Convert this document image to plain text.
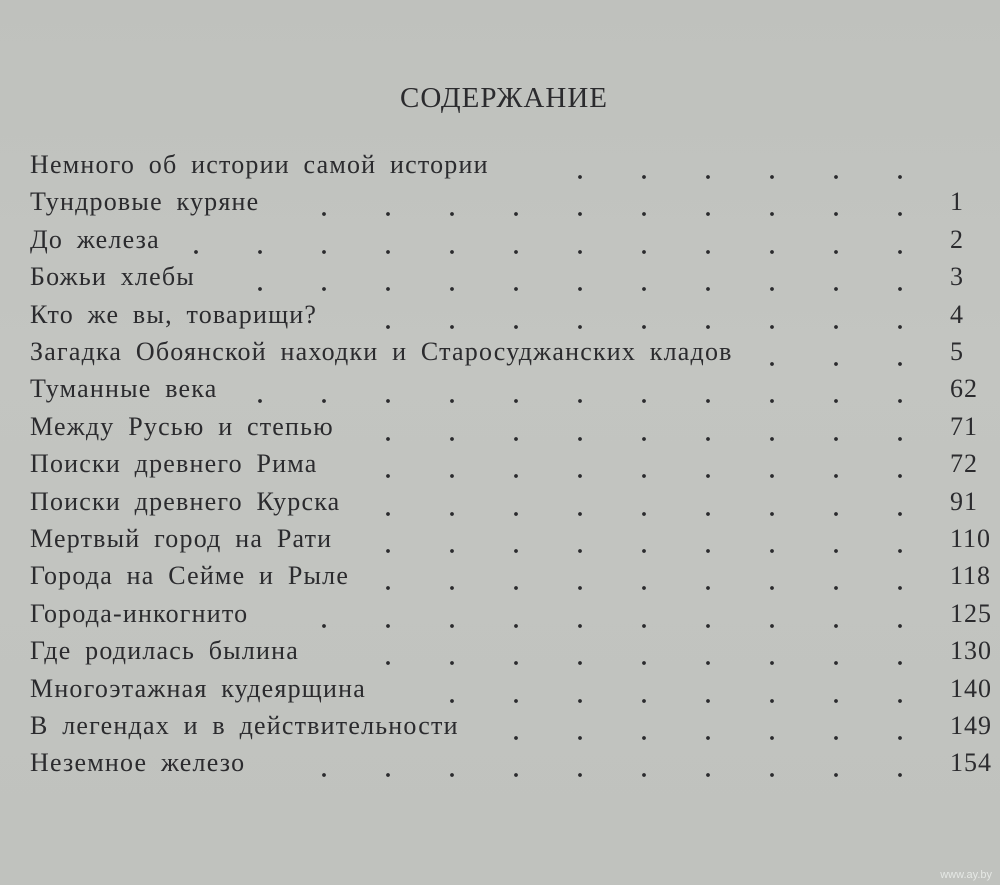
СОДЕРЖАНИЕ
Немного об истории самой истории
Тундровые куряне	1
До железа	2
Божьи хлебы	3
Кто же вы, товарищи?	4
Загадка Обоянской находки и Старосуджанских кладов	5
Туманные века	62
Между Русью и степью	71
Поиски древнего Рима	72
Поиски древнего Курска	91
Мертвый город на Рати	110
Города на Сейме и Рыле	118
Города-инкогнито	125
Где родилась былина	130
Многоэтажная кудеярщина	140
В легендах и в действительности	149
Неземное железо	154
www.ay.by
